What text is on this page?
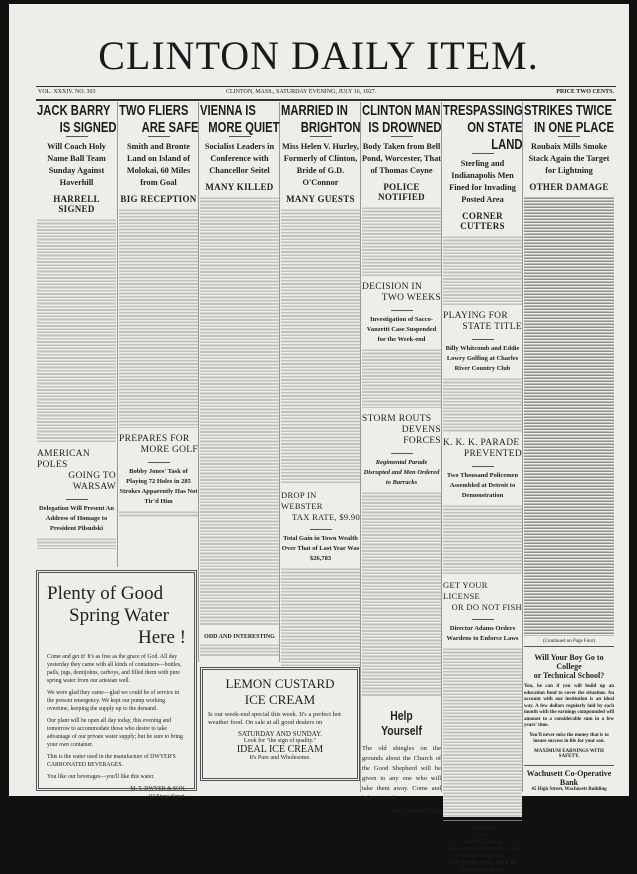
CLINTON DAILY ITEM.
VOL. XXXIV. NO. 303	CLINTON, MASS., SATURDAY EVENING, JULY 16, 1927.	PRICE TWO CENTS.
JACK BARRY
IS SIGNED
Will Coach Holy Name Ball Team Sunday Against Haverhill
HARRELL SIGNED
AMERICAN POLES
GOING TO WARSAW
Delegation Will Present An Address of Homage to President Pilsudski
TWO FLIERS
ARE SAFE
Smith and Bronte Land on Island of Molokai, 60 Miles from Goal
BIG RECEPTION
PREPARES FOR
MORE GOLF
Bobby Jones' Task of Playing 72 Holes in 285 Strokes Apparently Has Not Tir'd Him
VIENNA IS
MORE QUIET
Socialist Leaders in Conference with Chancellor Seitel
MANY KILLED
ODD AND INTERESTING
MARRIED IN
BRIGHTON
Miss Helen V. Hurley, Formerly of Clinton, Bride of G.D. O'Connor
MANY GUESTS
DROP IN WEBSTER
TAX RATE, $9.90
Total Gain in Town Wealth Over That of Last Year Was $26,783
CLINTON MAN
IS DROWNED
Body Taken from Bell Pond, Worcester, That of Thomas Coyne
POLICE NOTIFIED
DECISION IN
TWO WEEKS
Investigation of Sacco-Vanzetti Case Suspended for the Week-end
STORM ROUTS
DEVENS FORCES
Regimental Parade Disrupted and Men Ordered to Barracks
Help Yourself
The old shingles on the grounds about the Church of the Good Shepherd will be given to any one who will take them away. Come and help yourself.
THE COMMITTEE.
TRESPASSING
ON STATE LAND
Sterling and Indianapolis Men Fined for Invading Posted Area
CORNER CUTTERS
PLAYING FOR
STATE TITLE
Billy Whitcomb and Eddie Lowry Golfing at Charles River Country Club
K. K. K. PARADE
PREVENTED
Two Thousand Policemen Assembled at Detroit to Demonstration
GET YOUR LICENSE
OR DO NOT FISH
Director Adams Orders Wardens to Enforce Laws
LET'S GO
to
MAPLE LODGE
and get Maine baked beans. Baked by a real bean hole.
SATURDAY NITE, JULY 16.
Bolton State Road.
STRIKES TWICE
IN ONE PLACE
Roubaix Mills Smoke Stack Again the Target for Lightning
OTHER DAMAGE
(Continued on Page Four)
Will Your Boy Go to College
or Technical School?
You, he can if you will build up an education fund to cover the situation. An account with our institution is an ideal way. A few dollars regularly laid by each month with the earnings compounded will amount to a considerable sum in a few years' time.
You'll never miss the money that is to insure success in life for your son.
MAXIMUM EARNINGS WITH SAFETY.
Wachusett Co-Operative Bank
45 High Street, Wachusett Building
Plenty of Good
Spring Water
Here !

Come and get it! It's as free as the grace of God. All day yesterday they came with all kinds of containers—bottles, pails, jugs, demijohns, carboys, and filled them with pure spring water from our artesian well.

We were glad they came—glad we could be of service in the present emergency. We kept our pump working overtime, keeping the supply up to the demand.

Our plant will be open all day today, this evening and tomorrow to accommodate those who desire to take advantage of our private water supply; but be sure to bring your own container.

This is the water used in the manufacture of DWYER'S CARBONATED BEVERAGES.

You like our beverages—you'll like this water.

M. T. DWYER & SON,

92 Stone Street.

LEMON CUSTARD
ICE CREAM
Is our week-end special this week. It's a perfect hot weather food. On sale at all good dealers on
SATURDAY AND SUNDAY.
Look for "the sign of quality."
IDEAL ICE CREAM
It's Pure and Wholesome.
